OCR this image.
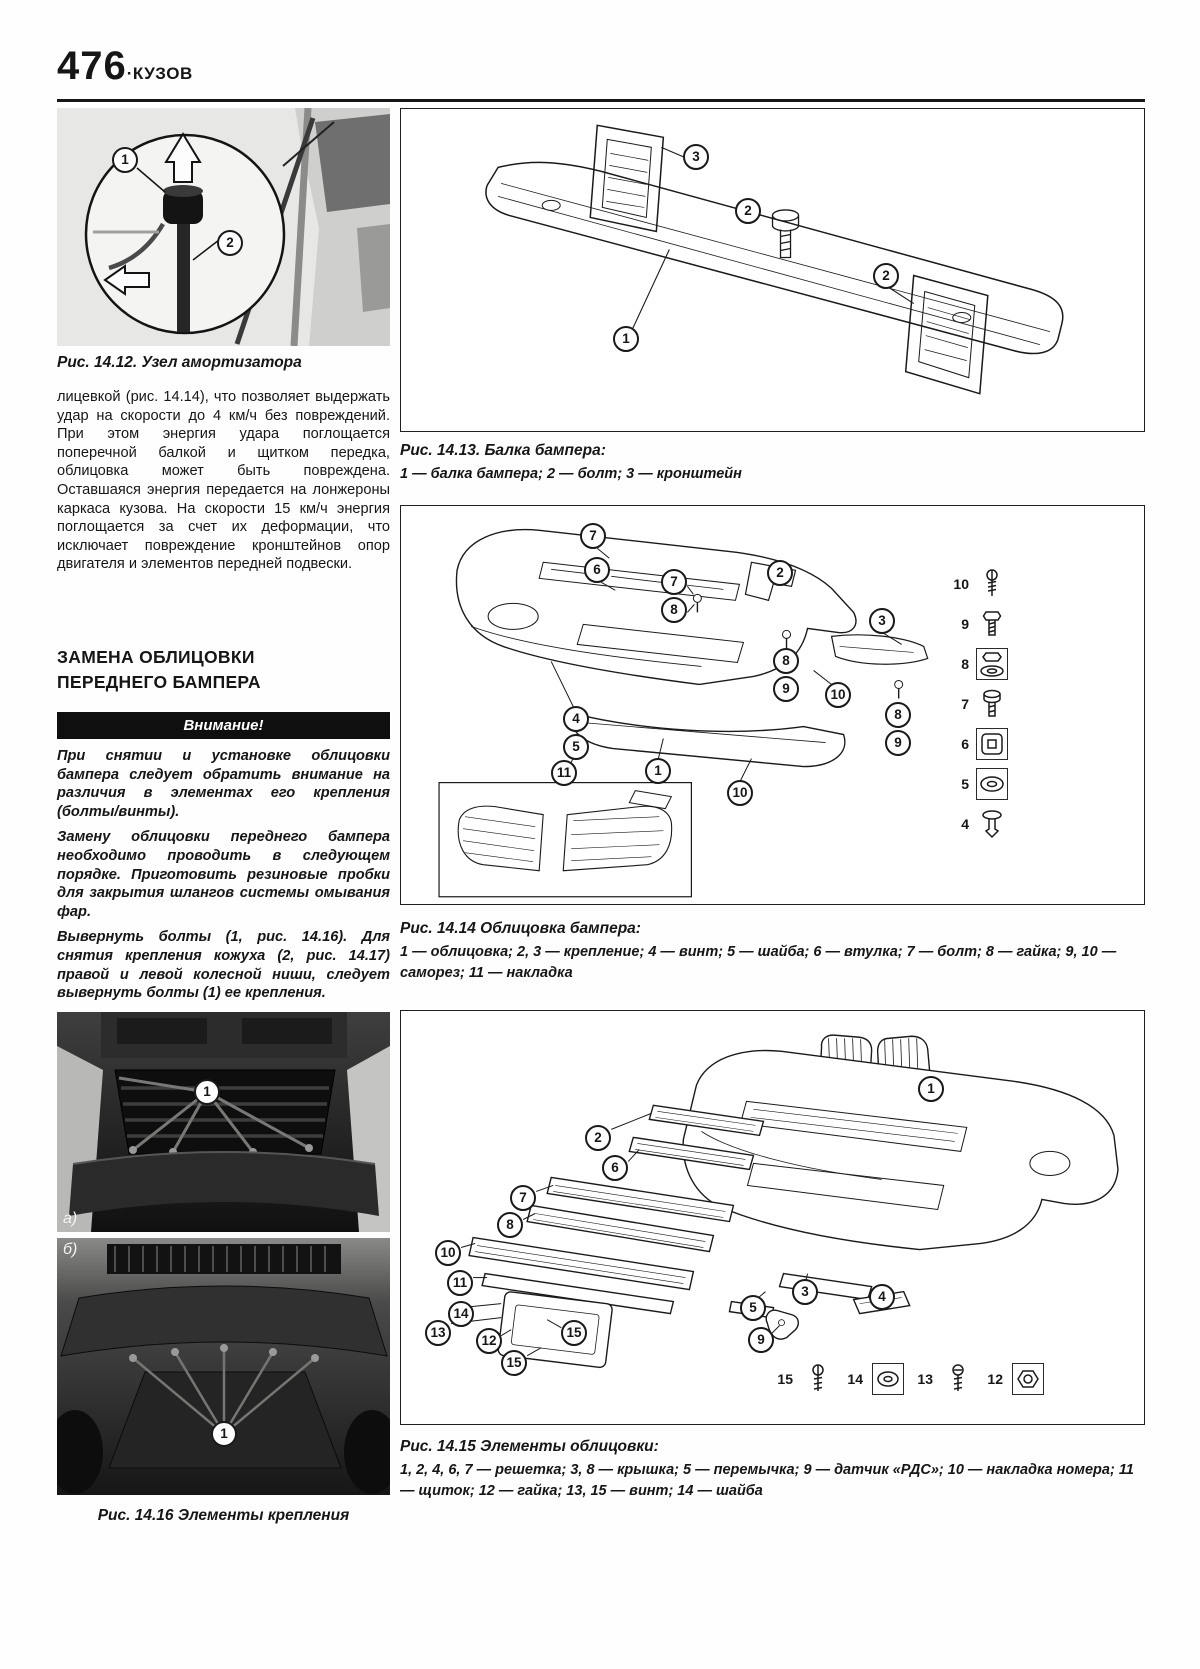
476·КУЗОВ
1
2
Рис. 14.12. Узел амортизатора
лицевкой (рис. 14.14), что позволяет выдержать удар на скорости до 4 км/ч без повреждений. При этом энергия удара поглощается поперечной балкой и щитком передка, облицовка может быть повреждена. Оставшаяся энергия передается на лонжероны каркаса кузова. На скорости 15 км/ч энергия поглощается за счет их деформации, что исключает повреждение кронштейнов опор двигателя и элементов передней подвески.
ЗАМЕНА ОБЛИЦОВКИ
ПЕРЕДНЕГО БАМПЕРА
Внимание!

При снятии и установке облицовки бампера следует обратить внимание на различия в элементах его крепления (болты/винты).

Замену облицовки переднего бампера необходимо проводить в следующем порядке. Приготовить резиновые пробки для закрытия шлангов системы омывания фар.

Вывернуть болты (1, рис. 14.16). Для снятия крепления кожуха (2, рис. 14.17) правой и левой колесной ниши, следует вывернуть болты (1) ее крепления.

1
а)
1
б)
Рис. 14.16 Элементы крепления
3
2
2
1
Рис. 14.13. Балка бампера:
1 — балка бампера; 2 — болт; 3 — кронштейн
7
6
7
8
2
3
8
9	10
8
9
4
5
11	1
10
10
9
8
7
6
5
4
Рис. 14.14 Облицовка бампера:
1 — облицовка; 2, 3 — крепление; 4 — винт; 5 — шайба; 6 — втулка; 7 — болт; 8 — гайка; 9, 10 — саморез; 11 — накладка
1
2
6
7
8
10
11
14
13
12
15
15
3
5
4
9
15	14	13	12
Рис. 14.15 Элементы облицовки:
1, 2, 4, 6, 7 — решетка; 3, 8 — крышка; 5 — перемычка; 9 — датчик «РДС»; 10 — накладка номера; 11 — щиток; 12 — гайка; 13, 15 — винт; 14 — шайба
